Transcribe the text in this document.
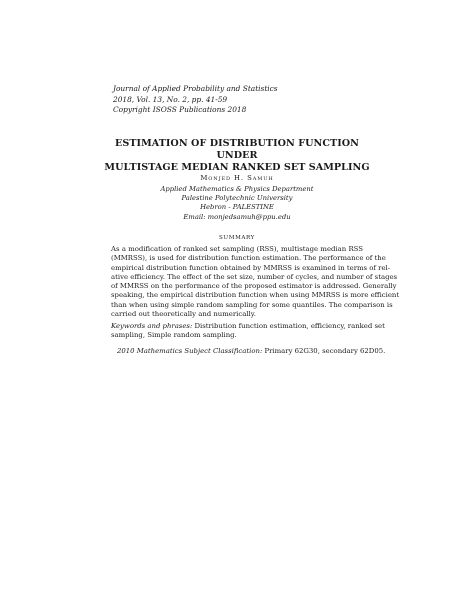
Journal of Applied Probability and Statistics
2018, Vol. 13, No. 2, pp. 41-59
Copyright ISOSS Publications 2018
ESTIMATION OF DISTRIBUTION FUNCTION UNDER
MULTISTAGE MEDIAN RANKED SET SAMPLING
Monjed H. Samuh
Applied Mathematics & Physics Department
Palestine Polytechnic University
Hebron - PALESTINE
Email: monjedsamuh@ppu.edu
SUMMARY
As a modification of ranked set sampling (RSS), multistage median RSS
(MMRSS), is used for distribution function estimation. The performance of the
empirical distribution function obtained by MMRSS is examined in terms of rel-
ative efficiency. The effect of the set size, number of cycles, and number of stages
of MMRSS on the performance of the proposed estimator is addressed. Generally
speaking, the empirical distribution function when using MMRSS is more efficient
than when using simple random sampling for some quantiles. The comparison is
carried out theoretically and numerically.
Keywords and phrases: Distribution function estimation, efficiency, ranked set
sampling, Simple random sampling.
2010 Mathematics Subject Classification: Primary 62G30, secondary 62D05.
